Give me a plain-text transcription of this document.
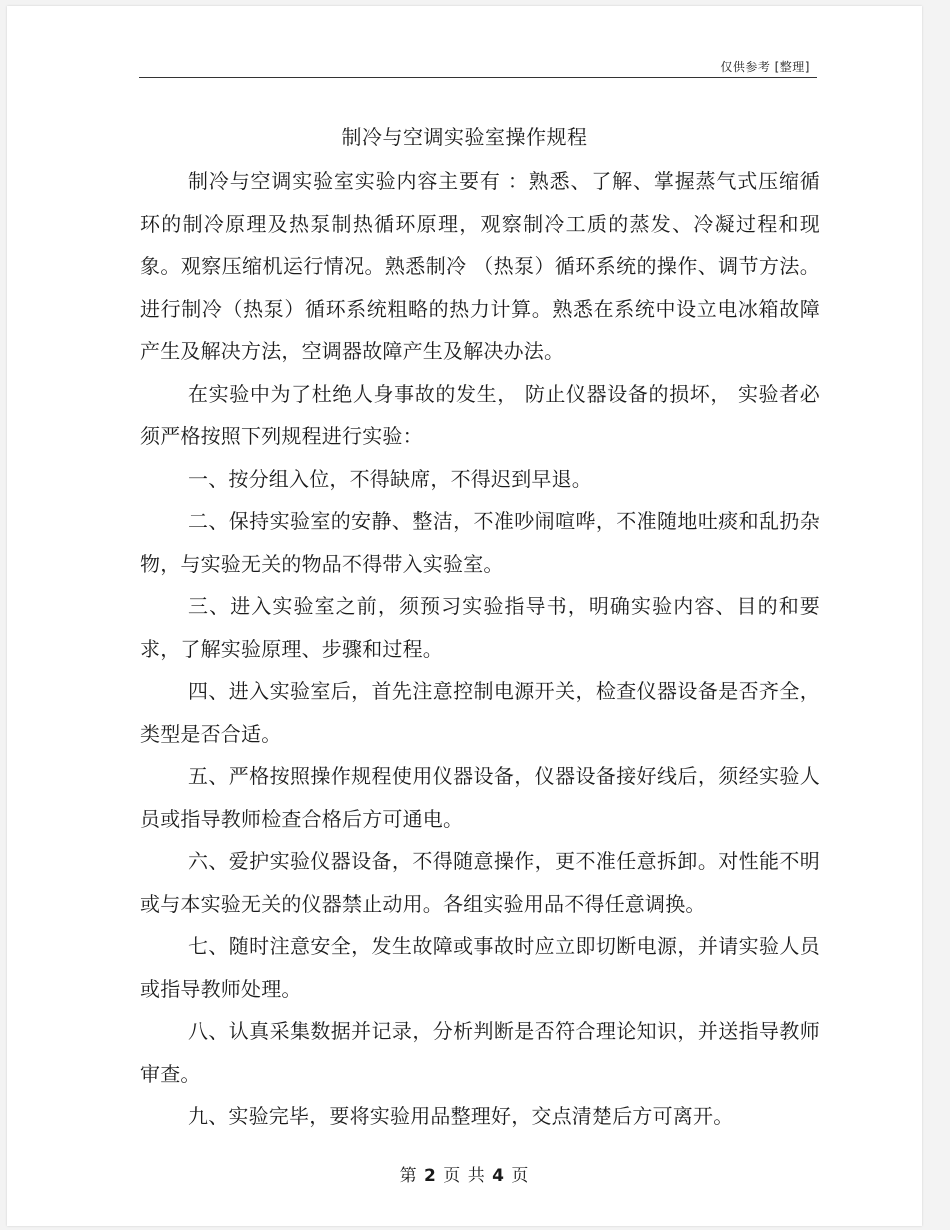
仅供参考 [整理]
制冷与空调实验室操作规程

制冷与空调实验室实验内容主要有 ：熟悉、了解、掌握蒸气式压缩循环的制冷原理及热泵制热循环原理，观察制冷工质的蒸发、冷凝过程和现象。观察压缩机运行情况。熟悉制冷 （热泵）循环系统的操作、调节方法。进行制冷（热泵）循环系统粗略的热力计算。熟悉在系统中设立电冰箱故障产生及解决方法，空调器故障产生及解决办法。

在实验中为了杜绝人身事故的发生， 防止仪器设备的损坏， 实验者必须严格按照下列规程进行实验：

一、按分组入位，不得缺席，不得迟到早退。

二、保持实验室的安静、整洁，不准吵闹喧哗，不准随地吐痰和乱扔杂物，与实验无关的物品不得带入实验室。

三、进入实验室之前，须预习实验指导书，明确实验内容、目的和要求，了解实验原理、步骤和过程。

四、进入实验室后，首先注意控制电源开关，检查仪器设备是否齐全，类型是否合适。

五、严格按照操作规程使用仪器设备，仪器设备接好线后，须经实验人员或指导教师检查合格后方可通电。

六、爱护实验仪器设备，不得随意操作，更不准任意拆卸。对性能不明或与本实验无关的仪器禁止动用。各组实验用品不得任意调换。

七、随时注意安全，发生故障或事故时应立即切断电源，并请实验人员或指导教师处理。

八、认真采集数据并记录，分析判断是否符合理论知识，并送指导教师审查。

九、实验完毕，要将实验用品整理好，交点清楚后方可离开。

第 2 页 共 4 页
